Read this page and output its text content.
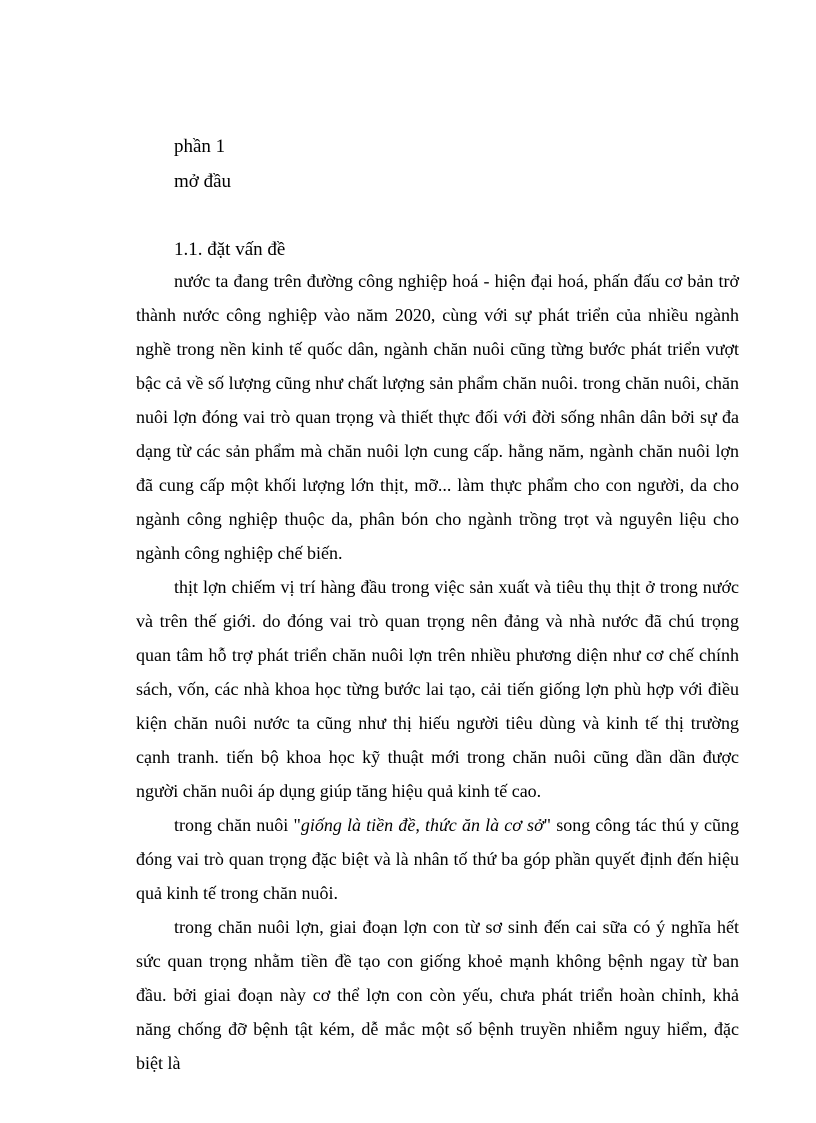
phần 1
mở đầu
1.1. đặt vấn đề

nước ta đang trên đường công nghiệp hoá - hiện đại hoá, phấn đấu cơ bản trở thành nước công nghiệp vào năm 2020, cùng với sự phát triển của nhiều ngành nghề trong nền kinh tế quốc dân, ngành chăn nuôi cũng từng bước phát triển vượt bậc cả về số lượng cũng như chất lượng sản phẩm chăn nuôi. trong chăn nuôi, chăn nuôi lợn đóng vai trò quan trọng và thiết thực đối với đời sống nhân dân bởi sự đa dạng từ các sản phẩm mà chăn nuôi lợn cung cấp. hằng năm, ngành chăn nuôi lợn đã cung cấp một khối lượng lớn thịt, mỡ... làm thực phẩm cho con người, da cho ngành công nghiệp thuộc da, phân bón cho ngành trồng trọt và nguyên liệu cho ngành công nghiệp chế biến.

thịt lợn chiếm vị trí hàng đầu trong việc sản xuất và tiêu thụ thịt ở trong nước và trên thế giới. do đóng vai trò quan trọng nên đảng và nhà nước đã chú trọng quan tâm hỗ trợ phát triển chăn nuôi lợn trên nhiều phương diện như cơ chế chính sách, vốn, các nhà khoa học từng bước lai tạo, cải tiến giống lợn phù hợp với điều kiện chăn nuôi nước ta cũng như thị hiếu người tiêu dùng và kinh tế thị trường cạnh tranh. tiến bộ khoa học kỹ thuật mới trong chăn nuôi cũng dần dần được người chăn nuôi áp dụng giúp tăng hiệu quả kinh tế cao.

trong chăn nuôi "giống là tiền đề, thức ăn là cơ sở" song công tác thú y cũng đóng vai trò quan trọng đặc biệt và là nhân tố thứ ba góp phần quyết định đến hiệu quả kinh tế trong chăn nuôi.

trong chăn nuôi lợn, giai đoạn lợn con từ sơ sinh đến cai sữa có ý nghĩa hết sức quan trọng nhằm tiền đề tạo con giống khoẻ mạnh không bệnh ngay từ ban đầu. bởi giai đoạn này cơ thể lợn con còn yếu, chưa phát triển hoàn chỉnh, khả năng chống đỡ bệnh tật kém, dễ mắc một số bệnh truyền nhiễm nguy hiểm, đặc biệt là
